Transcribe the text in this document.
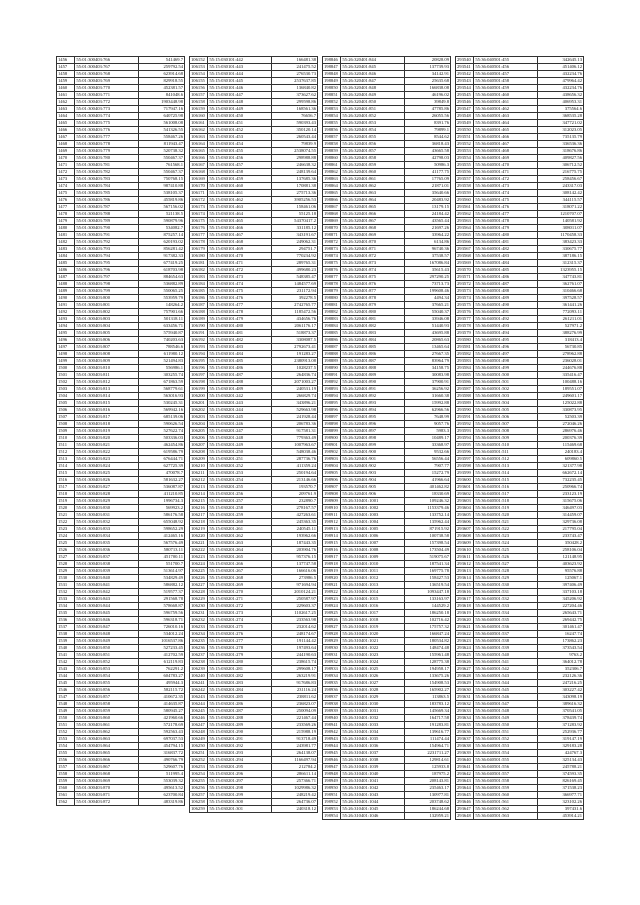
1456	55:01:300403:766	541469.7
1457	55:01:300403:767	259792.54
1458	55:01:300403:768	623914.68
1459	55:01:300403:769	829918.55
1460	55:01:300403:770	452381.57
1461	55:01:300403:771	841048.6
1462	55:01:300403:772	1903448.98
1463	55:01:300403:773	717947.16
1464	55:01:300403:774	640725.98
1465	55:01:300403:775	561008.08
1466	55:01:300403:776	541326.55
1467	55:01:300403:777	558467.26
1468	55:01:300403:778	811943.47
1469	55:01:300403:779	520738.32
1470	55:01:300403:780	550467.37
1471	55:01:300403:781	761568.1
1472	55:01:300403:782	550467.37
1473	55:01:300403:783	750768.15
1474	55:01:300403:784	987410.88
1475	55:01:300403:785	538105.37
1476	55:01:300403:786	455819.86
1477	55:01:300403:787	567156.02
1478	55:01:300403:788	521138.5
1479	55:01:300403:789	590879.96
1480	55:01:300403:790	534082.7
1481	55:01:300403:791	875257.14
1482	55:01:300403:792	620193.02
1483	55:01:300403:793	856281.42
1484	55:01:300403:794	917382.33
1485	55:01:300403:795	677419.25
1486	55:01:300403:796	618703.98
1487	55:01:300403:797	884654.63
1488	55:01:300403:798	536882.89
1489	55:01:300403:799	550065.25
1490	55:01:300403:800	553959.79
1491	55:01:300403:801	148264.2
1492	55:01:300403:802	757901.66
1493	55:01:300403:803	501318.11
1494	55:01:300403:804	633456.71
1495	55:01:300403:805	575940.87
1496	55:01:300403:806	740203.63
1497	55:01:300403:807	788546.6
1498	55:01:300403:808	611980.12
1499	55:01:300403:809	521494.83
1500	55:01:300403:810	556986.1
1501	55:01:300403:811	303255.74
1502	55:01:300403:812	671863.59
1503	55:01:300403:813	568779.61
1504	55:01:300403:814	563016.93
1505	55:01:300403:815	530245.31
1506	55:01:300403:816	569942.16
1507	55:01:300403:817	685139.06
1508	55:01:300403:818	590626.54
1509	55:01:300403:819	527622.74
1510	55:01:300403:820	503336.03
1511	55:01:300403:821	462454.86
1512	55:01:300403:822	619586.79
1513	55:01:300403:823	676444.71
1514	55:01:300403:824	627725.39
1515	55:01:300403:825	470078.7
1516	55:01:300403:826	581632.27
1517	55:01:300403:827	536087.87
1518	55:01:300403:828	411210.85
1519	55:01:300403:829	1996734.3
1520	55:01:300403:830	569923.2
1521	55:01:300403:831	586176.58
1522	55:01:300403:832	655048.92
1523	55:01:300403:833	598652.29
1524	55:01:300403:834	412465.16
1525	55:01:300403:835	567576.49
1526	55:01:300403:836	580713.11
1527	55:01:300403:837	451700.11
1528	55:01:300403:838	551700.7
1529	55:01:300403:839	513614.97
1530	55:01:300403:840	534829.49
1531	55:01:300403:841	586882.12
1532	55:01:300403:842	519577.37
1533	55:01:300403:843	291568.78
1534	55:01:300403:844	578668.87
1535	55:01:300403:845	596759.56
1536	55:01:300403:846	596318.71
1537	55:01:300403:847	726010.16
1538	55:01:300403:848	534012.24
1539	55:01:300403:849	1016537.86
1540	55:01:300403:850	527233.45
1541	55:01:300403:851	412702.59
1542	55:01:300403:852	612119.83
1543	55:01:300403:853	762291.2
1544	55:01:300403:854	604783.27
1545	55:01:300403:855	495944.3
1546	55:01:300403:856	582115.72
1547	55:01:300403:857	410672.35
1548	55:01:300403:858	414635.87
1549	55:01:300403:859	580945.27
1550	55:01:300403:860	421960.66
1551	55:01:300403:861	572178.69
1552	55:01:300403:862	592563.43
1553	55:01:300403:863	697037.53
1554	55:01:300403:864	454794.15
1555	55:01:300403:865	316837.72
1556	55:01:300403:866	490766.79
1557	55:01:300403:867	529607.76
1558	55:01:300403:868	511995.4
1559	55:01:300403:869	553039.32
1560	55:01:300403:870	495613.52
1561	55:01:300403:871	623700.84
1562	55:01:300403:872	483319.86
106152	55:15:030101:442	166481.38
106153	55:15:030101:443	241475.52
106154	55:15:030101:444	276530.73
106155	55:15:030101:445	2537637.85
106156	55:15:030101:446	136840.82
106157	55:15:030101:447	373627.62
106158	55:15:030101:448	299598.86
106159	55:15:030101:449	168561.36
106160	55:15:030101:450	76656.7
106161	55:15:030101:451	590393.43
106162	55:15:030101:452	350120.14
106163	55:15:030101:453	260543.44
106164	55:15:030101:454	79839.9
106165	55:15:030101:455	2538074.55
106166	55:15:030101:456	298988.88
106167	55:15:030101:457	246638.32
106168	55:15:030101:458	248139.64
106169	55:15:030101:459	137685.36
106170	55:15:030101:460	170881.38
106171	55:15:030101:461	275713.36
106172	55:15:030101:462	3905256.53
106173	55:15:030101:463	158461.06
106174	55:15:030101:464	55125.18
106175	55:15:030101:465	54370417.2
106176	55:15:030101:466	331185.12
106177	55:15:030101:467	343191.67
106178	55:15:030101:468	249062.31
106179	55:15:030101:469	294751.7
106180	55:15:030101:470	770234.92
106181	55:15:030101:471	289765.31
106182	55:15:030101:472	499680.23
106183	55:15:030101:473	548385.47
106184	55:15:030101:474	1484577.69
106185	55:15:030101:475	231172.94
106186	55:15:030101:476	392278.5
106187	55:15:030101:477	2742765.77
106188	55:15:030101:478	1185472.56
106189	55:15:030101:479	434656.76
106190	55:15:030101:480	2061176.17
106191	55:15:030101:481	518873.37
106192	55:15:030101:482	3308087.5
106193	55:15:030101:483	2792673.41
106194	55:15:030101:484	191283.27
106195	55:15:030101:485	2380913.08
106196	55:15:030101:486	1028237.5
106197	55:15:030101:487	264836.74
106198	55:15:030101:488	2071003.27
106199	55:15:030101:489	240531.19
106200	55:15:030201:242	266829.74
106201	55:15:030201:243	343896.21
106202	55:15:030201:244	529663.98
106203	55:15:030201:245	241928.44
106204	55:15:030201:246	206783.36
106205	55:15:030201:247	917581.31
106206	55:15:030201:248	779363.49
106207	55:15:030201:249	1007963.67
106208	55:15:030201:250	548038.46
106209	55:15:030201:251	287736.76
106210	55:15:030201:252	411359.24
106211	55:15:030201:253	250194.64
106212	55:15:030201:254	213146.66
106213	55:15:030201:255	193570.7
106214	55:15:030201:256	209761.9
106215	55:15:030201:257	232890.7
106216	55:15:030201:258	278167.57
106217	55:15:030201:259	427263.61
106218	55:15:030201:260	245363.35
106219	55:15:030201:261	240545.11
106220	55:15:030201:262	193962.66
106221	55:15:030201:263	187443.35
106222	55:15:030201:264	203904.76
106223	55:15:030201:265	957376.15
106224	55:15:030201:266	137747.58
106225	55:15:030201:267	166616.06
106226	55:15:030201:268	273986.5
106227	55:15:030201:269	971694.94
106228	55:15:030201:270	2010124.21
106229	55:15:030201:271	250587.97
106230	55:15:030201:272	229603.37
106231	55:15:030201:273	1102617.25
106232	55:15:030201:274	233563.98
106233	55:15:030201:275	232014.62
106234	55:15:030201:276	248174.67
106235	55:15:030201:277	191144.42
106236	55:15:030201:278	197493.64
106237	55:15:030201:279	244190.63
106238	55:15:030201:280	238615.74
106239	55:15:030201:281	299608.17
106240	55:15:030201:282	263219.91
106241	55:15:030201:283	917686.83
106242	55:15:030201:284	231116.24
106243	55:15:030201:285	238811.62
106244	55:15:030201:286	236823.07
106245	55:15:030201:287	250094.09
106246	55:15:030201:288	221467.44
106247	55:15:030201:289	233569.26
106248	55:15:030201:290	215988.19
106249	55:15:030201:291	913718.49
106250	55:15:030201:292	243981.77
106251	55:15:030201:293	264138.07
106252	55:15:030201:294	1166497.94
106253	55:15:030201:295	212784.2
106254	55:15:030201:296	286611.14
106255	55:15:030201:297	257366.71
106256	55:15:030201:298	1029986.32
106257	55:15:030201:299	248219.42
106258	55:15:030201:300	264736.07
106259	55:15:030201:301	240318.12
198846	55:26:320401:844	20828.09
198847	55:26:320401:845	137739.93
198848	55:26:320401:846	34142.91
198849	55:26:320401:847	25635.68
198850	55:26:320401:848	166838.08
198851	55:26:320401:849	46196.02
198852	55:26:320401:850	39849.8
198853	55:26:320401:851	47785.86
198854	55:26:320401:852	26055.56
198855	55:26:320401:853	8391.76
198856	55:26:320401:854	79899.1
198857	55:26:320401:855	8544.62
198858	55:26:320401:856	36818.43
198859	55:26:320401:857	43665.58
198860	55:26:320401:858	42798.03
198861	55:26:320401:859	50986.3
198862	55:26:320401:860	41177.75
198863	55:26:320401:861	17765.09
198864	55:26:320401:862	21871.01
198865	55:26:320401:863	35640.66
198866	55:26:320401:864	20483.92
198867	55:26:320401:865	13179.15
198868	55:26:320401:866	24184.42
198869	55:26:320401:867	43565.44
198870	55:26:320401:868	21697.26
198871	55:26:320401:869	33964.22
198872	55:26:320401:870	6134.86
198873	55:26:320401:871	96740.36
198874	55:26:320401:872	37538.57
198875	55:26:320401:873	167086.84
198876	55:26:320401:874	35615.43
198877	55:26:320401:875	297290.25
198878	55:26:320401:876	73713.73
198879	55:26:320401:877	199608.46
198880	55:26:320401:878	4494.34
198881	55:26:320401:879	37665.21
198882	55:26:320401:880	55040.37
198883	55:26:320401:881	33946.08
198884	55:26:320401:882	51440.93
198885	55:26:320401:883	43695.88
198886	55:26:320401:884	20865.63
198887	55:26:320401:885	13465.64
198888	55:26:320401:886	27667.35
198889	55:26:320401:887	83964.79
198890	55:26:320401:888	34158.75
198891	55:26:320401:889	30083.98
198892	55:26:320401:890	37900.91
198893	55:26:320401:891	36256.92
198894	55:26:320401:892	31660.38
198895	55:26:320401:893	15992.88
198896	55:26:320401:894	62966.56
198897	55:26:320401:895	7648.99
198898	55:26:320401:896	9057.76
198899	55:26:320401:897	5983.3
198900	55:26:320401:898	10489.17
198901	55:26:320401:899	33368.97
198902	55:26:320401:900	9532.66
198903	55:26:320401:901	56556.44
198904	55:26:320401:902	7907.77
198905	55:26:320401:903	15272.79
198906	55:26:320401:904	41966.64
198907	55:26:320401:905	401462.82
198908	55:26:320401:906	18330.69
198909	55:26:310401:1001	109246.32
198910	55:26:310401:1002	1153379.46
198911	55:26:310401:1003	133752.14
198912	55:26:310401:1004	135962.44
198913	55:26:310401:1005	871915.92
198914	55:26:310401:1006	100738.58
198915	55:26:310401:1007	157398.54
198916	55:26:310401:1008	173504.49
198917	55:26:310401:1009	519075.67
198918	55:26:310401:1010	187541.34
198919	55:26:310401:1011	169775.78
198920	55:26:310401:1012	158427.53
198921	55:26:310401:1013	136519.54
198922	55:26:310401:1014	1093447.18
198923	55:26:310401:1015	133163.97
198924	55:26:310401:1016	144529.2
198925	55:26:310401:1017	186250.18
198926	55:26:310401:1018	102716.42
198927	55:26:310401:1019	175757.32
198928	55:26:310401:1020	166847.24
198929	55:26:310401:1021	180534.82
198930	55:26:310401:1022	148474.48
198931	55:26:310401:1023	155961.48
198932	55:26:310401:1024	128775.38
198933	55:26:310401:1025	194958.17
198934	55:26:310401:1026	133675.26
198935	55:26:310401:1027	154908.53
198936	55:26:310401:1028	165902.27
198937	55:26:310401:1029	113863.5
198938	55:26:310401:1030	183783.12
198939	55:26:310401:1031	145669.34
198940	55:26:310401:1032	164717.58
198941	55:26:310401:1033	191283.81
198942	55:26:310401:1034	139616.77
198943	55:26:310401:1035	111474.44
198944	55:26:310401:1036	154964.71
198945	55:26:310401:1037	2231711.27
198946	55:26:310401:1038	129814.61
198947	55:26:310401:1039	125933.8
198948	55:26:310401:1040	187975.2
198949	55:26:310401:1041	208143.81
198950	55:26:310401:1042	235463.17
198951	55:26:310401:1043	130977.81
198952	55:26:310401:1044	203748.62
198953	55:26:310401:1045	186244.68
198954	55:26:310401:1046	132959.21
293540	55:36:040501:455	342645.13
293541	55:36:040501:456	451406.12
293542	55:36:040501:457	432234.76
293543	55:36:040501:458	479964.42
293544	55:36:040501:459	432234.76
293545	55:36:040501:460	438656.32
293546	55:36:040501:461	406953.31
293547	55:36:040501:462	375564.6
293548	55:36:040501:463	368535.28
293549	55:36:040501:464	347721.02
293550	55:36:040501:465	312023.05
293551	55:36:040501:466	735135.79
293552	55:36:040501:467	336536.36
293553	55:36:040501:468	318676.86
293554	55:36:040501:469	409827.56
293555	55:36:040501:470	306712.52
293556	55:36:040501:471	216775.75
293557	55:36:040501:472	258456.67
293558	55:36:040501:473	243317.03
293559	55:36:040501:474	308142.42
293560	55:36:040501:475	344115.57
293561	55:36:040501:476	318071.22
293562	55:36:040501:477	1210707.07
293563	55:36:040501:478	140581.92
293564	55:36:040501:479	308011.07
293565	55:36:040501:480	1170458.33
293566	55:36:040501:481	383423.33
293567	55:36:040501:482	330675.77
293568	55:36:040501:483	387186.15
293569	55:36:040501:484	312315.37
293570	55:36:040501:485	1323955.15
293571	55:36:040501:486	347743.81
293572	55:36:040501:487	362761.07
293573	55:36:040501:488	310466.68
293574	55:36:040501:489	397528.57
293575	55:36:040501:490	361441.26
293576	55:36:040501:491	772093.11
293577	55:36:040501:492	261211.01
293578	55:36:040501:493	527971.2
293579	55:36:040501:494	388276.99
293580	55:36:040501:495	318413.4
293581	55:36:040501:496	56730.85
293582	55:36:040501:497	278962.88
293583	55:36:040501:498	236028.01
293584	55:36:040501:499	244676.88
293585	55:36:040501:500	335416.47
293586	55:36:040501:501	100488.16
293587	55:36:040501:502	189551.07
293588	55:36:040501:503	249601.17
293589	55:36:040501:504	125022.88
293590	55:36:040501:505	330873.95
293591	55:36:040501:506	52503.39
293592	55:36:040501:507	272046.26
293593	55:36:040501:508	286976.46
293594	55:36:040501:509	200376.39
293595	55:36:040501:510	115469.68
293596	55:36:040501:511	240183.4
293597	55:36:040501:512	609860.5
293598	55:36:040501:513	321377.98
293599	55:36:040501:514	662672.14
293600	55:36:040501:515	732235.45
293601	55:36:040501:516	250966.74
293602	55:36:040501:517	233123.19
293603	55:36:040501:518	315675.06
293604	55:36:040501:519	346497.03
293605	55:36:040501:520	314459.07
293606	55:36:040501:521	329736.08
293607	55:36:040501:522	217795.04
293608	55:36:040501:523	233743.47
293609	55:36:040501:524	350428.2
293610	55:36:040501:525	258106.04
293611	55:36:040501:526	121148.95
293612	55:36:040501:527	403623.92
293613	55:36:040501:528	95576.88
293614	55:36:040501:529	125067.1
293615	55:36:040501:530	397406.49
293616	55:36:040501:531	337103.18
293617	55:36:040501:532	345206.92
293618	55:36:040501:533	227204.46
293619	55:36:040501:534	265643.71
293620	55:36:040501:535	269442.75
293621	55:36:040501:536	301461.47
293622	55:36:040501:537	16247.74
293623	55:36:040501:538	173862.23
293624	55:36:040501:539	373543.54
293625	55:36:040501:540	9763.2
293626	55:36:040501:541	364012.78
293627	55:36:040501:542	352306.7
293628	55:36:040501:543	232126.36
293629	55:36:040501:544	247216.25
293630	55:36:040501:545	303227.42
293631	55:36:040501:546	343098.19
293632	55:36:040501:547	389616.32
293633	55:36:040501:548	370541.05
293634	55:36:040501:549	378439.74
293635	55:36:040501:550	371283.92
293636	55:36:040501:551	252936.77
293637	55:36:040501:552	319147.19
293638	55:36:040501:553	329183.28
293639	55:36:040501:554	424767.3
293640	55:36:040501:555	325134.43
293641	55:36:040501:556	245788.21
293642	55:36:040501:557	374593.35
293643	55:36:040501:558	826169.45
293644	55:36:040501:559	371538.23
293645	55:36:040501:560	366977.71
293646	55:36:040501:561	323102.26
293647	55:36:040501:562	397431.6
293648	55:36:040501:563	453914.21
